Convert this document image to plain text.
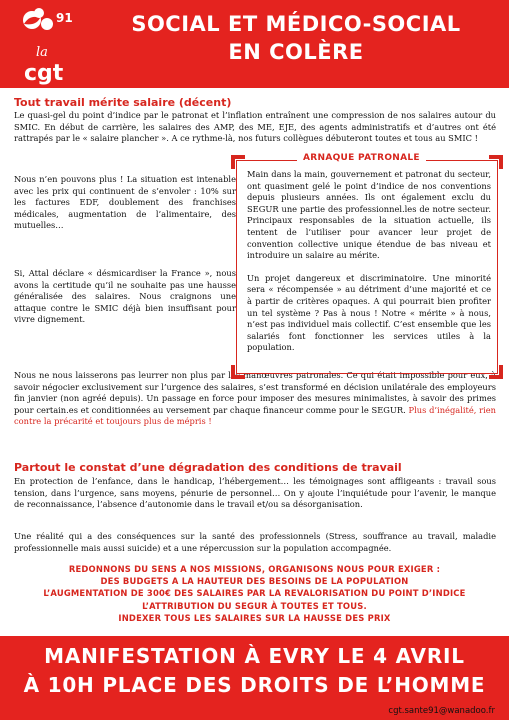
91
la
cgt
SOCIAL ET MÉDICO-SOCIAL
EN COLÈRE
Tout travail mérite salaire (décent)
Le quasi-gel du point d’indice par le patronat et l’inflation entraînent une compression de nos salaires autour du SMIC. En début de carrière, les salaires des AMP, des ME, EJE, des agents administratifs et d’autres ont été rattrapés par le « salaire plancher ». A ce rythme-là, nos futurs collègues débuteront toutes et tous au SMIC !
Nous n’en pouvons plus ! La situation est intenable avec les prix qui continuent de s’envoler : 10% sur les factures EDF, doublement des franchises médicales, augmentation de l’alimentaire, des mutuelles…
Si, Attal déclare « désmicardiser la France », nous avons la certitude qu’il ne souhaite pas une hausse généralisée des salaires. Nous craignons une attaque contre le SMIC déjà bien insuffisant pour vivre dignement.
Nous ne nous laisserons pas leurrer non plus par les manœuvres patronales. Ce qui était impossible pour eux, à savoir négocier exclusivement sur l’urgence des salaires, s’est transformé en décision unilatérale des employeurs fin janvier (non agréé depuis). Un passage en force pour imposer des mesures minimalistes, à savoir des primes pour certain.es et conditionnées au versement par chaque financeur comme pour le SEGUR. Plus d’inégalité, rien contre la précarité et toujours plus de mépris !
ARNAQUE PATRONALE

Main dans la main, gouvernement et patronat du secteur, ont quasiment gelé le point d’indice de nos conventions depuis plusieurs années. Ils ont également exclu du SEGUR une partie des professionnel.les de notre secteur. Principaux responsables de la situation actuelle, ils tentent de l’utiliser pour avancer leur projet de convention collective unique étendue de bas niveau et introduire un salaire au mérite.

Un projet dangereux et discriminatoire. Une minorité sera « récompensée » au détriment d’une majorité et ce à partir de critères opaques. A qui pourrait bien profiter un tel système ? Pas à nous ! Notre « mérite » à nous, n’est pas individuel mais collectif. C’est ensemble que les salariés font fonctionner les services utiles à la population.

Partout le constat d’une dégradation des conditions de travail
En protection de l’enfance, dans le handicap, l’hébergement… les témoignages sont affligeants : travail sous tension, dans l’urgence, sans moyens, pénurie de personnel… On y ajoute l’inquiétude pour l’avenir, le manque de reconnaissance, l’absence d’autonomie dans le travail et/ou sa désorganisation.
Une réalité qui a des conséquences sur la santé des professionnels (Stress, souffrance au travail, maladie professionnelle mais aussi suicide) et a une répercussion sur la population accompagnée.
REDONNONS DU SENS A NOS MISSIONS, ORGANISONS NOUS POUR EXIGER :
DES BUDGETS A LA HAUTEUR DES BESOINS DE LA POPULATION
L’AUGMENTATION DE 300€ DES SALAIRES PAR LA REVALORISATION DU POINT D’INDICE
L’ATTRIBUTION DU SEGUR À TOUTES ET TOUS.
INDEXER TOUS LES SALAIRES SUR LA HAUSSE DES PRIX
MANIFESTATION À EVRY LE 4 AVRIL
À 10H PLACE DES DROITS DE L’HOMME
cgt.sante91@wanadoo.fr
